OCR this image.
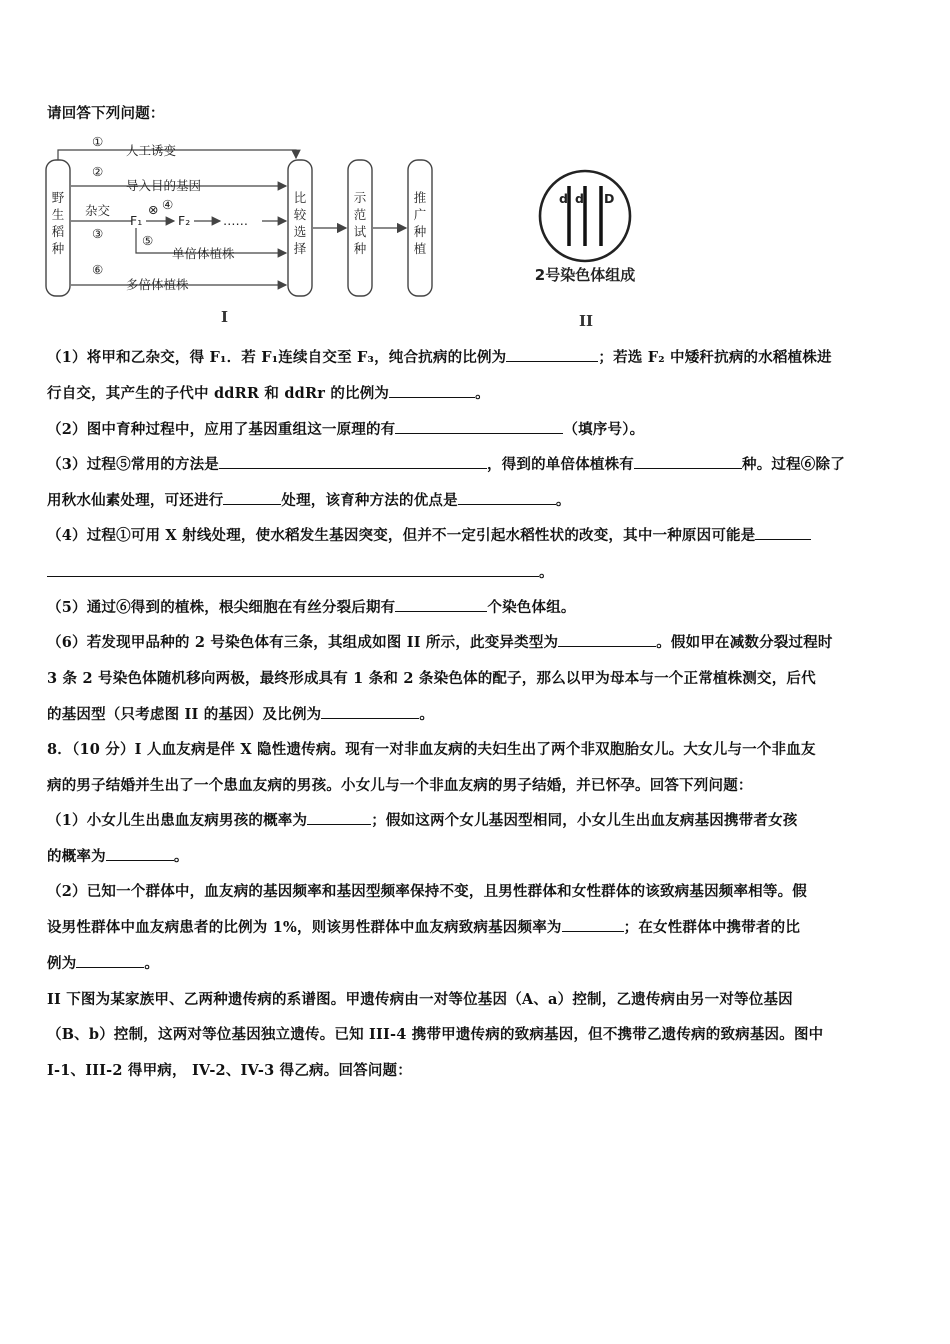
请回答下列问题：
野
生
稻
种
比
较
选
择
示
范
试
种
推
广
种
植
①
人工诱变
②
导入目的基因
杂交
③
F₁
⊗ ④
F₂	……
⑤
单倍体植株
⑥
多倍体植株
I
d d D
2号染色体组成
II
（1）将甲和乙杂交，得 F₁．若 F₁连续自交至 F₃，纯合抗病的比例为	；若选 F₂ 中矮秆抗病的水稻植株进
行自交，其产生的子代中 ddRR 和 ddRr 的比例为	。
（2）图中育种过程中，应用了基因重组这一原理的有	（填序号）。
（3）过程⑤常用的方法是	，得到的单倍体植株有	种。过程⑥除了
用秋水仙素处理，可还进行	处理，该育种方法的优点是	。
（4）过程①可用 X 射线处理，使水稻发生基因突变，但并不一定引起水稻性状的改变，其中一种原因可能是
。
（5）通过⑥得到的植株，根尖细胞在有丝分裂后期有	个染色体组。
（6）若发现甲品种的 2 号染色体有三条，其组成如图 II 所示，此变异类型为	。假如甲在减数分裂过程时
3 条 2 号染色体随机移向两极，最终形成具有 1 条和 2 条染色体的配子，那么以甲为母本与一个正常植株测交，后代
的基因型（只考虑图 II 的基因）及比例为	。
8．（10 分）I 人血友病是伴 X 隐性遗传病。现有一对非血友病的夫妇生出了两个非双胞胎女儿。大女儿与一个非血友
病的男子结婚并生出了一个患血友病的男孩。小女儿与一个非血友病的男子结婚，并已怀孕。回答下列问题：
（1）小女儿生出患血友病男孩的概率为	；假如这两个女儿基因型相同，小女儿生出血友病基因携带者女孩
的概率为	。
（2）已知一个群体中，血友病的基因频率和基因型频率保持不变，且男性群体和女性群体的该致病基因频率相等。假
设男性群体中血友病患者的比例为 1%，则该男性群体中血友病致病基因频率为	；在女性群体中携带者的比
例为	。
II 下图为某家族甲、乙两种遗传病的系谱图。甲遗传病由一对等位基因（A、a）控制，乙遗传病由另一对等位基因
（B、b）控制，这两对等位基因独立遗传。已知 III-4 携带甲遗传病的致病基因，但不携带乙遗传病的致病基因。图中
I-1、III-2 得甲病， IV-2、IV-3 得乙病。回答问题：
